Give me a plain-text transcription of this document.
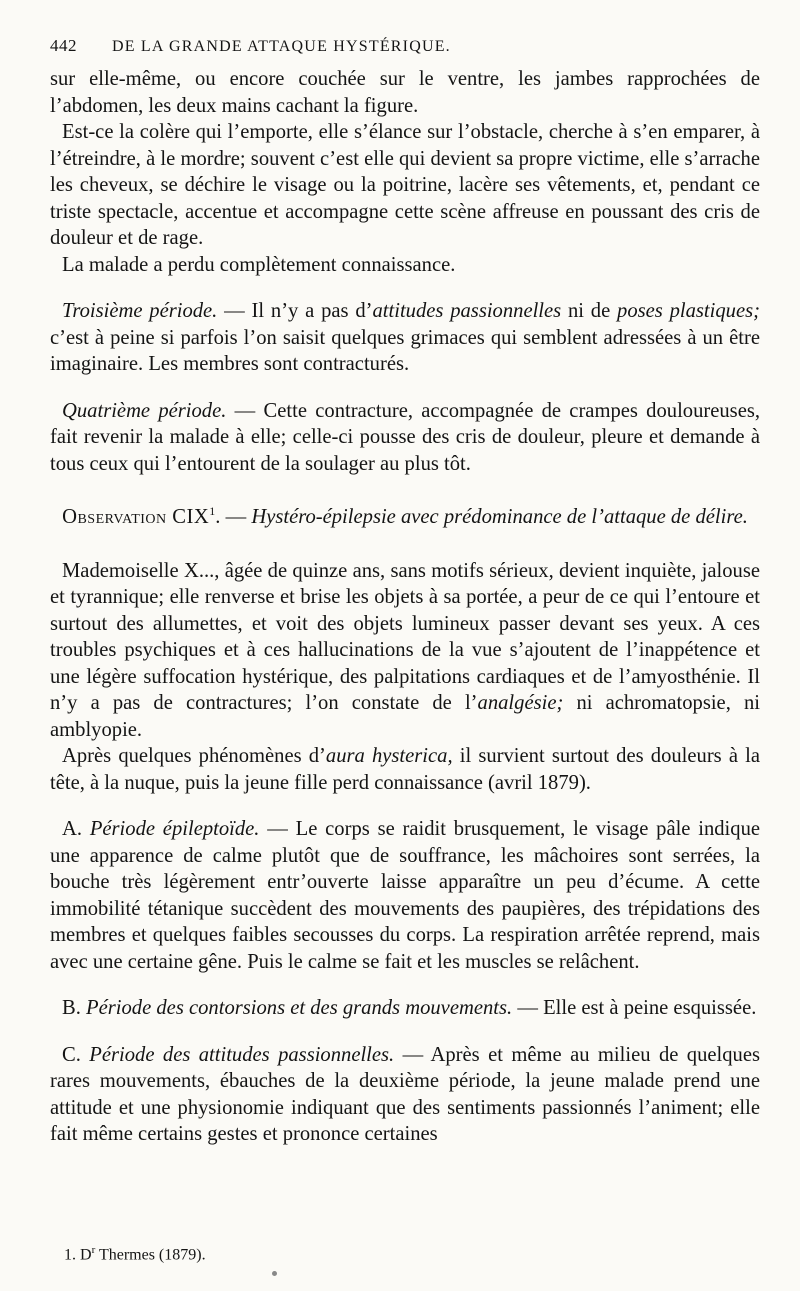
442	DE LA GRANDE ATTAQUE HYSTÉRIQUE.

sur elle-même, ou encore couchée sur le ventre, les jambes rapprochées de l’abdomen, les deux mains cachant la figure.

Est-ce la colère qui l’emporte, elle s’élance sur l’obstacle, cherche à s’en emparer, à l’étreindre, à le mordre; souvent c’est elle qui devient sa propre victime, elle s’arrache les cheveux, se déchire le visage ou la poitrine, lacère ses vêtements, et, pendant ce triste spectacle, accentue et accompagne cette scène affreuse en poussant des cris de douleur et de rage.

La malade a perdu complètement connaissance.

Troisième période. — Il n’y a pas d’attitudes passionnelles ni de poses plastiques; c’est à peine si parfois l’on saisit quelques grimaces qui semblent adressées à un être imaginaire. Les membres sont contracturés.

Quatrième période. — Cette contracture, accompagnée de crampes douloureuses, fait revenir la malade à elle; celle-ci pousse des cris de douleur, pleure et demande à tous ceux qui l’entourent de la soulager au plus tôt.

Observation CIX$^1$. — Hystéro-épilepsie avec prédominance de l’attaque de délire.

Mademoiselle X..., âgée de quinze ans, sans motifs sérieux, devient inquiète, jalouse et tyrannique; elle renverse et brise les objets à sa portée, a peur de ce qui l’entoure et surtout des allumettes, et voit des objets lumineux passer devant ses yeux. A ces troubles psychiques et à ces hallucinations de la vue s’ajoutent de l’inappétence et une légère suffocation hystérique, des palpitations cardiaques et de l’amyosthénie. Il n’y a pas de contractures; l’on constate de l’analgésie; ni achromatopsie, ni amblyopie.

Après quelques phénomènes d’aura hysterica, il survient surtout des douleurs à la tête, à la nuque, puis la jeune fille perd connaissance (avril 1879).

A. Période épileptoïde. — Le corps se raidit brusquement, le visage pâle indique une apparence de calme plutôt que de souffrance, les mâchoires sont serrées, la bouche très légèrement entr’ouverte laisse apparaître un peu d’écume. A cette immobilité tétanique succèdent des mouvements des paupières, des trépidations des membres et quelques faibles secousses du corps. La respiration arrêtée reprend, mais avec une certaine gêne. Puis le calme se fait et les muscles se relâchent.

B. Période des contorsions et des grands mouvements. — Elle est à peine esquissée.

C. Période des attitudes passionnelles. — Après et même au milieu de quelques rares mouvements, ébauches de la deuxième période, la jeune malade prend une attitude et une physionomie indiquant que des sentiments passionnés l’animent; elle fait même certains gestes et prononce certaines

1. $D^r$ Thermes (1879).
